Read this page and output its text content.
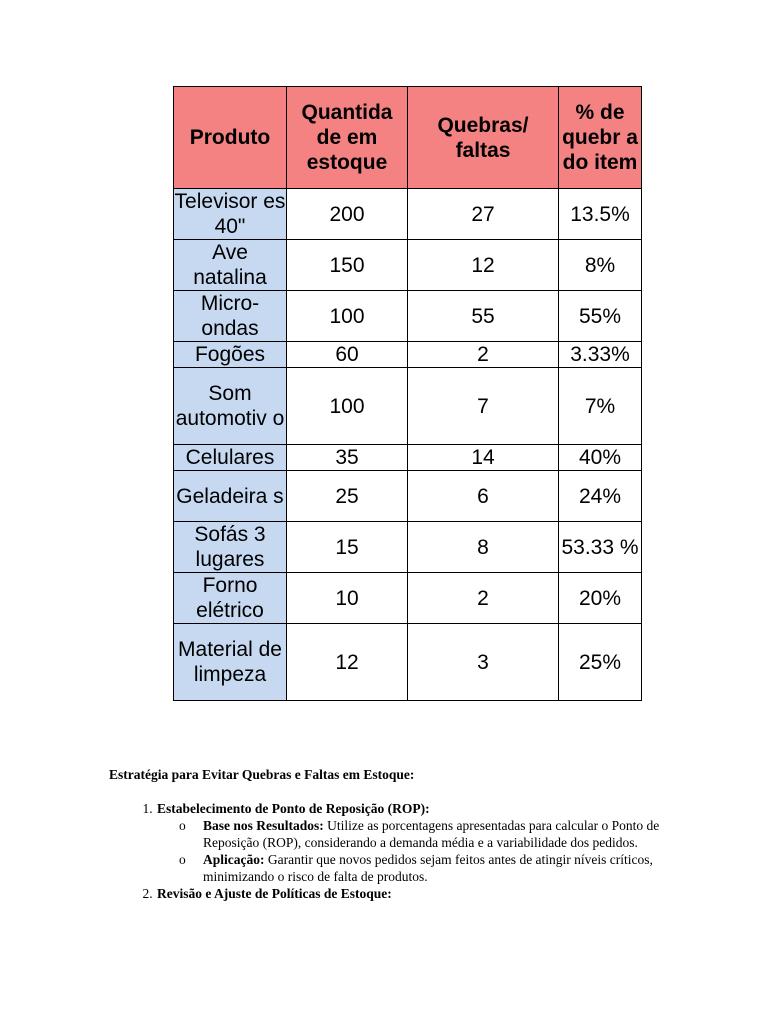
Produto	Quantida de em estoque	Quebras/ faltas	% de quebr a do item
Televisor es 40"	200	27	13.5%
Ave natalina	150	12	8%
Micro- ondas	100	55	55%
Fogões	60	2	3.33%
Som automotiv o	100	7	7%
Celulares	35	14	40%
Geladeira s	25	6	24%
Sofás 3 lugares	15	8	53.33 %
Forno elétrico	10	2	20%
Material de limpeza	12	3	25%

Estratégia para Evitar Quebras e Faltas em Estoque:

1. Estabelecimento de Ponto de Reposição (ROP):
o Base nos Resultados: Utilize as porcentagens apresentadas para calcular o Ponto de Reposição (ROP), considerando a demanda média e a variabilidade dos pedidos.
o Aplicação: Garantir que novos pedidos sejam feitos antes de atingir níveis críticos, minimizando o risco de falta de produtos.
2. Revisão e Ajuste de Políticas de Estoque:
